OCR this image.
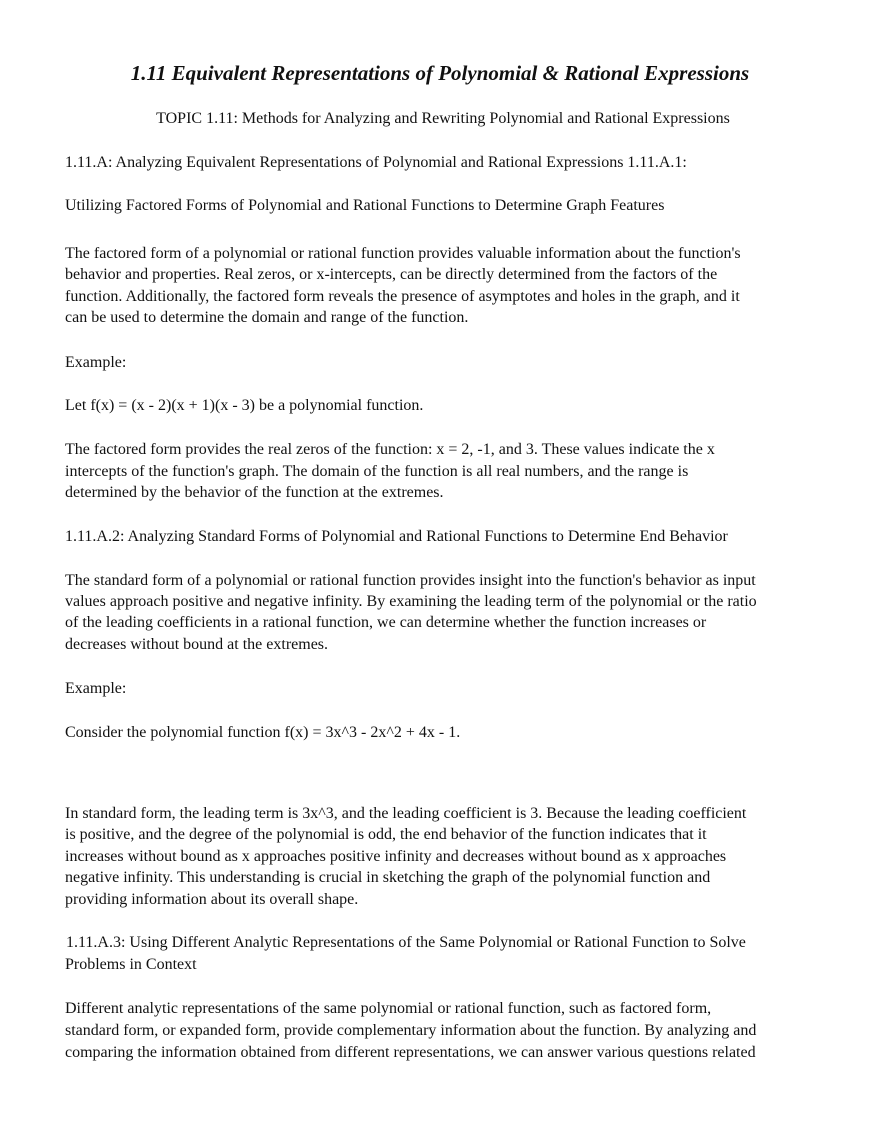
1.11 Equivalent Representations of Polynomial & Rational Expressions
TOPIC 1.11: Methods for Analyzing and Rewriting Polynomial and Rational Expressions
1.11.A: Analyzing Equivalent Representations of Polynomial and Rational Expressions 1.11.A.1:
Utilizing Factored Forms of Polynomial and Rational Functions to Determine Graph Features
The factored form of a polynomial or rational function provides valuable information about the function's
behavior and properties. Real zeros, or x-intercepts, can be directly determined from the factors of the
function. Additionally, the factored form reveals the presence of asymptotes and holes in the graph, and it
can be used to determine the domain and range of the function.
Example:
Let f(x) = (x - 2)(x + 1)(x - 3) be a polynomial function.
The factored form provides the real zeros of the function: x = 2, -1, and 3. These values indicate the x
intercepts of the function's graph. The domain of the function is all real numbers, and the range is
determined by the behavior of the function at the extremes.
1.11.A.2: Analyzing Standard Forms of Polynomial and Rational Functions to Determine End Behavior
The standard form of a polynomial or rational function provides insight into the function's behavior as input
values approach positive and negative infinity. By examining the leading term of the polynomial or the ratio
of the leading coefficients in a rational function, we can determine whether the function increases or
decreases without bound at the extremes.
Example:
Consider the polynomial function f(x) = 3x^3 - 2x^2 + 4x - 1.
In standard form, the leading term is 3x^3, and the leading coefficient is 3. Because the leading coefficient
is positive, and the degree of the polynomial is odd, the end behavior of the function indicates that it
increases without bound as x approaches positive infinity and decreases without bound as x approaches
negative infinity. This understanding is crucial in sketching the graph of the polynomial function and
providing information about its overall shape.
1.11.A.3: Using Different Analytic Representations of the Same Polynomial or Rational Function to Solve
Problems in Context
Different analytic representations of the same polynomial or rational function, such as factored form,
standard form, or expanded form, provide complementary information about the function. By analyzing and
comparing the information obtained from different representations, we can answer various questions related
